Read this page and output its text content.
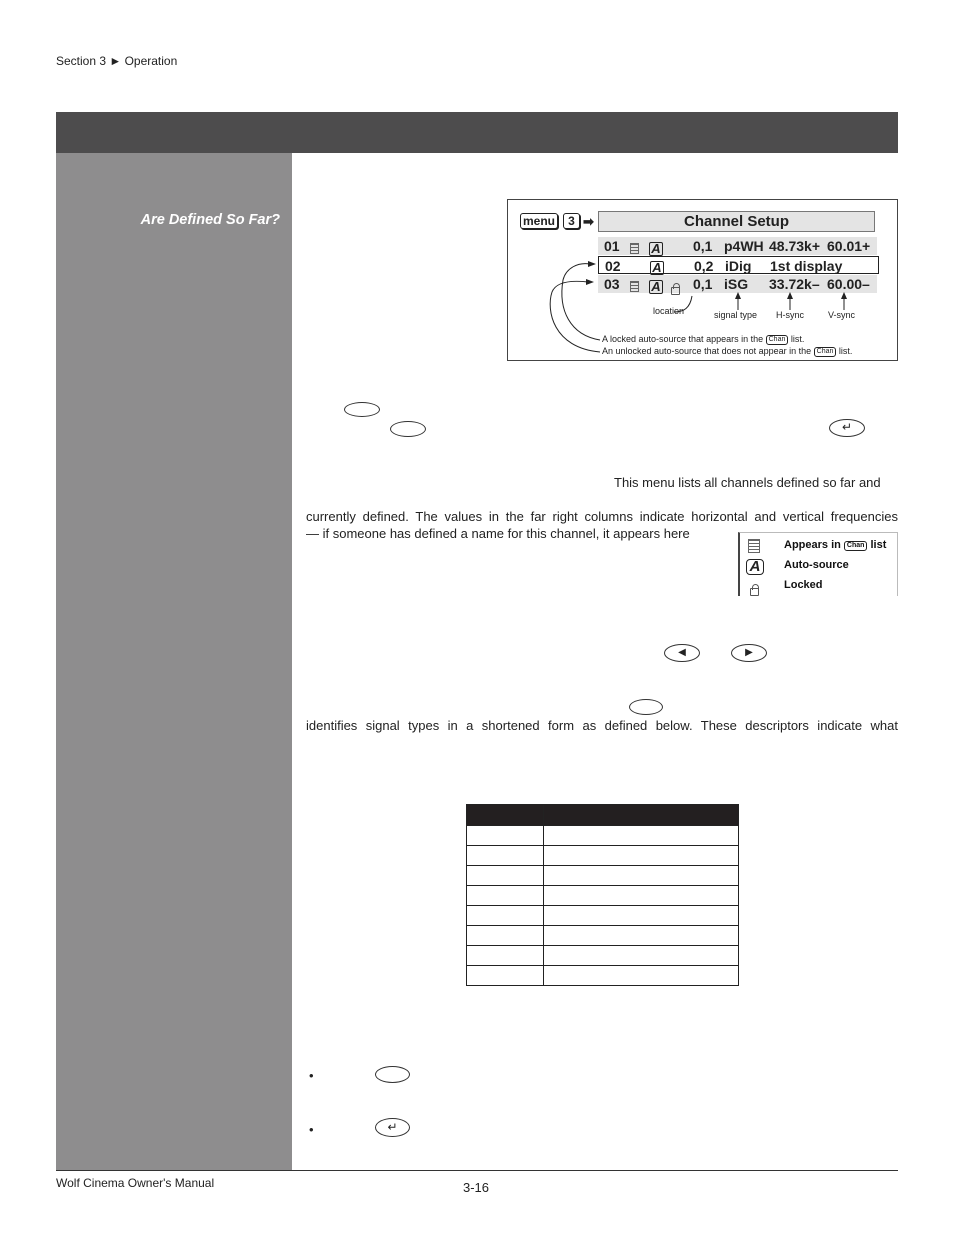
Section 3 ► Operation
Are Defined So Far?	menu	3 ➡	Channel Setup
01 A 0,1 p4WH 48.73k+ 60.01+
02 A 0,2 iDig 1st display
03 A 0,1 iSG 33.72k– 60.00–
location	signal type H-sync	V-sync
A locked auto-source that appears in the Chan list.
An unlocked auto-source that does not appear in the Chan list.
↵
This menu lists all channels defined so far and
currently defined. The values in the far right columns indicate horizontal and vertical frequencies
— if someone has defined a name for this channel, it appears here
Appears in Chan list
A	Auto-source
Locked
◀	▶
identifies signal types in a shortened form as defined below. These descriptors indicate what

•
•	↵
Wolf Cinema Owner's Manual	3-16
